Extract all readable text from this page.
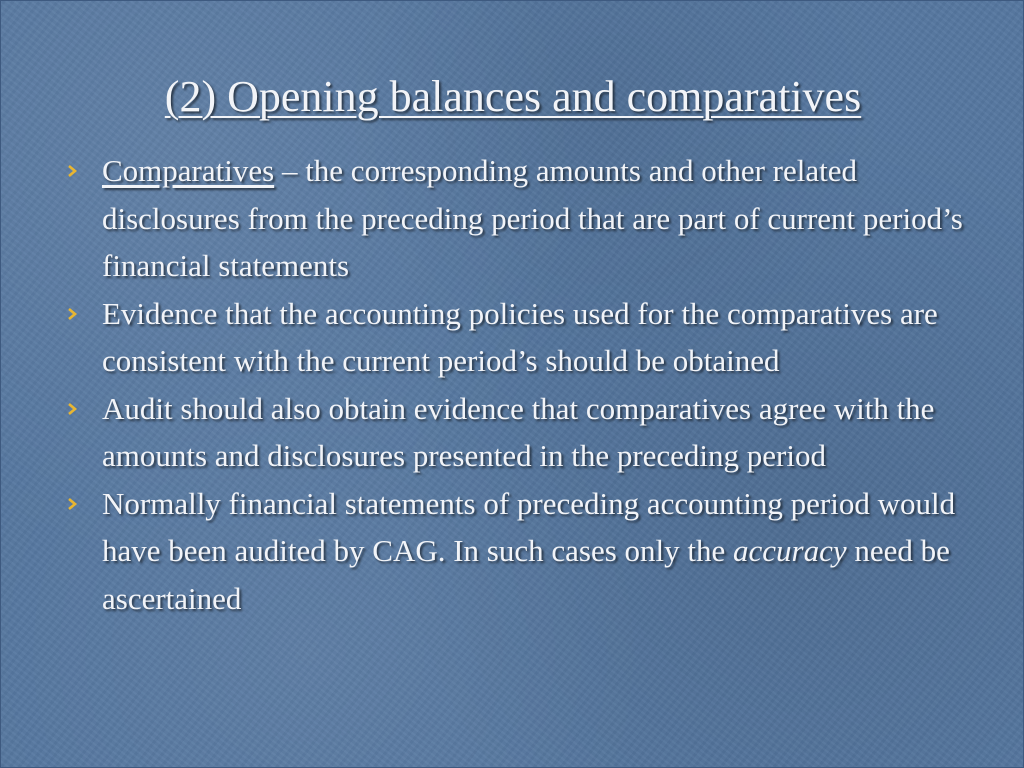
(2) Opening balances and comparatives
Comparatives – the corresponding amounts and other related disclosures from the preceding period that are part of current period’s financial statements
Evidence that the accounting policies used for the comparatives are consistent with the current period’s should be obtained
Audit should also obtain evidence that comparatives agree with the amounts and disclosures presented in the preceding period
Normally financial statements of preceding accounting period would have been audited by CAG. In such cases only the accuracy need be ascertained
